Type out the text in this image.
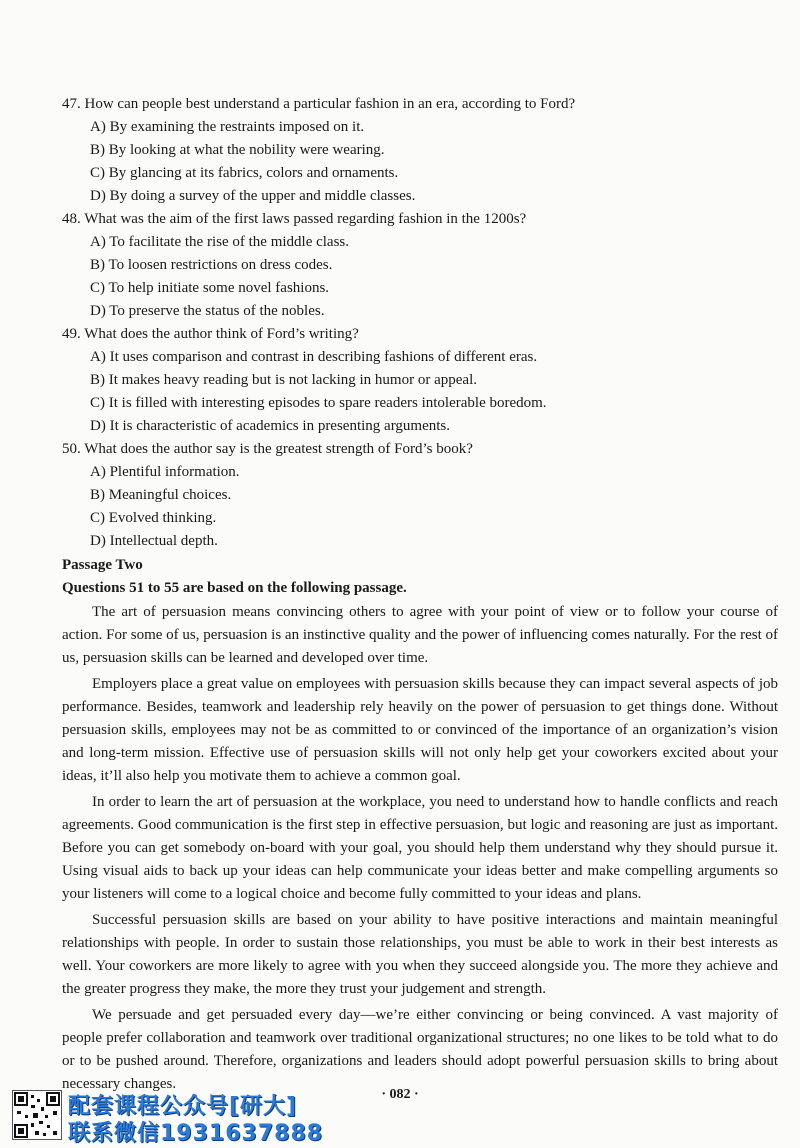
47. How can people best understand a particular fashion in an era, according to Ford?
A) By examining the restraints imposed on it.
B) By looking at what the nobility were wearing.
C) By glancing at its fabrics, colors and ornaments.
D) By doing a survey of the upper and middle classes.
48. What was the aim of the first laws passed regarding fashion in the 1200s?
A) To facilitate the rise of the middle class.
B) To loosen restrictions on dress codes.
C) To help initiate some novel fashions.
D) To preserve the status of the nobles.
49. What does the author think of Ford’s writing?
A) It uses comparison and contrast in describing fashions of different eras.
B) It makes heavy reading but is not lacking in humor or appeal.
C) It is filled with interesting episodes to spare readers intolerable boredom.
D) It is characteristic of academics in presenting arguments.
50. What does the author say is the greatest strength of Ford’s book?
A) Plentiful information.
B) Meaningful choices.
C) Evolved thinking.
D) Intellectual depth.
Passage Two
Questions 51 to 55 are based on the following passage.

The art of persuasion means convincing others to agree with your point of view or to follow your course of action. For some of us, persuasion is an instinctive quality and the power of influencing comes naturally. For the rest of us, persuasion skills can be learned and developed over time.

Employers place a great value on employees with persuasion skills because they can impact several aspects of job performance. Besides, teamwork and leadership rely heavily on the power of persuasion to get things done. Without persuasion skills, employees may not be as committed to or convinced of the importance of an organization’s vision and long-term mission. Effective use of persuasion skills will not only help get your coworkers excited about your ideas, it’ll also help you motivate them to achieve a common goal.

In order to learn the art of persuasion at the workplace, you need to understand how to handle conflicts and reach agreements. Good communication is the first step in effective persuasion, but logic and reasoning are just as important. Before you can get somebody on-board with your goal, you should help them understand why they should pursue it. Using visual aids to back up your ideas can help communicate your ideas better and make compelling arguments so your listeners will come to a logical choice and become fully committed to your ideas and plans.

Successful persuasion skills are based on your ability to have positive interactions and maintain meaningful relationships with people. In order to sustain those relationships, you must be able to work in their best interests as well. Your coworkers are more likely to agree with you when they succeed alongside you. The more they achieve and the greater progress they make, the more they trust your judgement and strength.

We persuade and get persuaded every day—we’re either convincing or being convinced. A vast majority of people prefer collaboration and teamwork over traditional organizational structures; no one likes to be told what to do or to be pushed around. Therefore, organizations and leaders should adopt powerful persuasion skills to bring about necessary changes.

· 082 ·
配套课程公众号[研大]
联系微信1931637888
